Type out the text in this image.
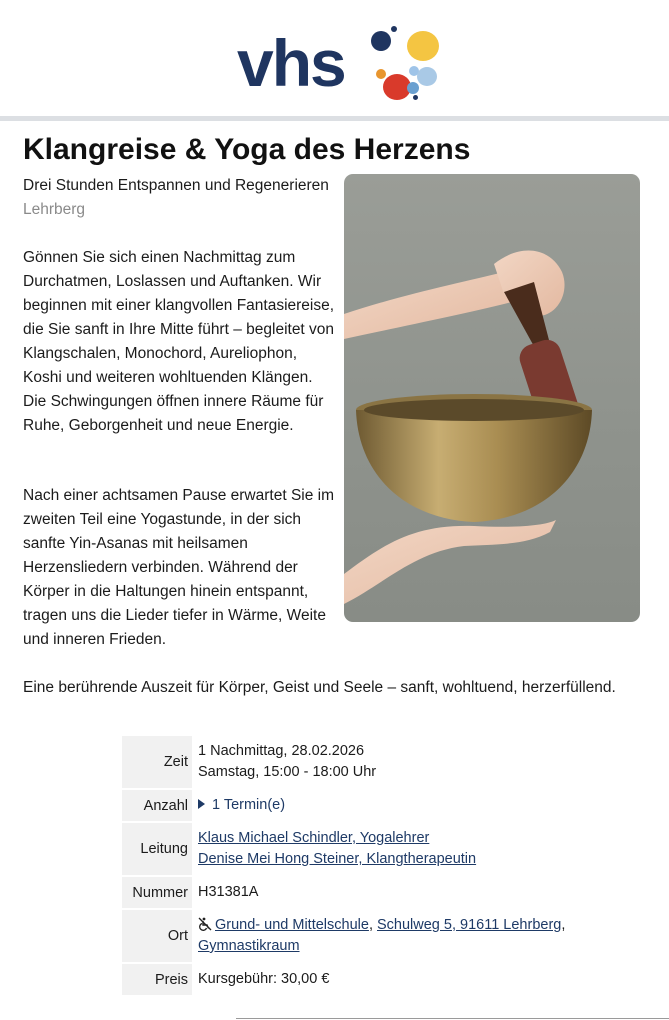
vhs
Klangreise & Yoga des Herzens
Drei Stunden Entspannen und Regenerieren Lehrberg
Gönnen Sie sich einen Nachmittag zum Durchatmen, Loslassen und Auftanken. Wir beginnen mit einer klangvollen Fantasiereise, die Sie sanft in Ihre Mitte führt – begleitet von Klangschalen, Monochord, Aureliophon, Koshi und weiteren wohltuenden Klängen. Die Schwingungen öffnen innere Räume für Ruhe, Geborgenheit und neue Energie.
Nach einer achtsamen Pause erwartet Sie im zweiten Teil eine Yogastunde, in der sich sanfte Yin-Asanas mit heilsamen Herzensliedern verbinden. Während der Körper in die Haltungen hinein entspannt, tragen uns die Lieder tiefer in Wärme, Weite und inneren Frieden.
Eine berührende Auszeit für Körper, Geist und Seele – sanft, wohltuend, herzerfüllend.
Zeit	1 Nachmittag, 28.02.2026
Samstag, 15:00 - 18:00 Uhr

Anzahl	1 Termin(e)
Leitung	Klaus Michael Schindler, Yogalehrer
Denise Mei Hong Steiner, Klangtherapeutin

Nummer	H31381A
Ort	Grund- und Mittelschule, Schulweg 5, 91611 Lehrberg,
Gymnastikraum

Preis	Kursgebühr: 30,00 €
